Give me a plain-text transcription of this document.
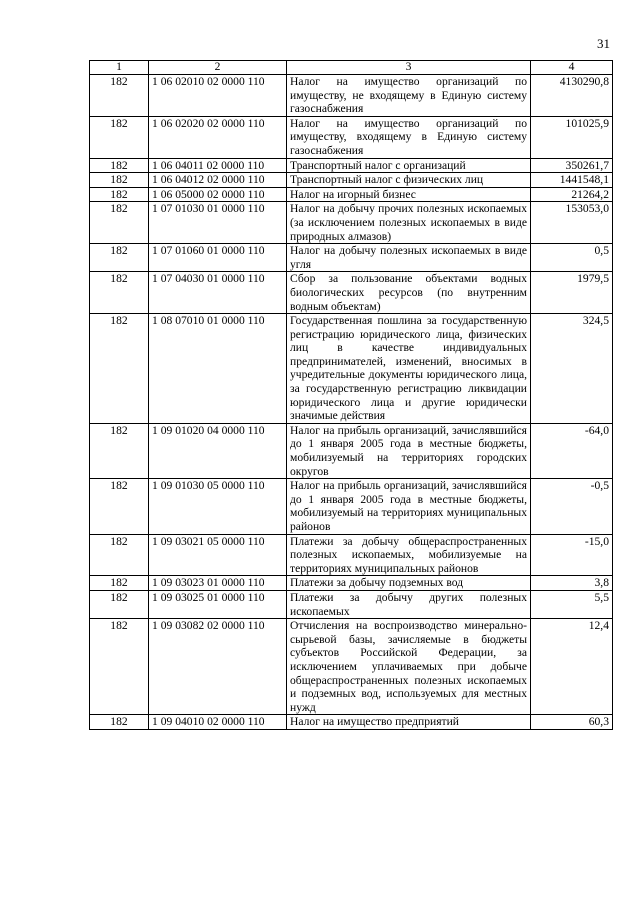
31
1	2	3	4
182	1 06 02010 02 0000 110	Налог на имущество организаций по имуществу, не входящему в Единую систему газоснабжения	4130290,8
182	1 06 02020 02 0000 110	Налог на имущество организаций по имуществу, входящему в Единую систему газоснабжения	101025,9
182	1 06 04011 02 0000 110	Транспортный налог с организаций	350261,7
182	1 06 04012 02 0000 110	Транспортный налог с физических лиц	1441548,1
182	1 06 05000 02 0000 110	Налог на игорный бизнес	21264,2
182	1 07 01030 01 0000 110	Налог на добычу прочих полезных ископаемых (за исключением полезных ископаемых в виде природных алмазов)	153053,0
182	1 07 01060 01 0000 110	Налог на добычу полезных ископаемых в виде угля	0,5
182	1 07 04030 01 0000 110	Сбор за пользование объектами водных биологических ресурсов (по внутренним водным объектам)	1979,5
182	1 08 07010 01 0000 110	Государственная пошлина за государственную регистрацию юридического лица, физических лиц в качестве индивидуальных предпринимателей, изменений, вносимых в учредительные документы юридического лица, за государственную регистрацию ликвидации юридического лица и другие юридически значимые действия	324,5
182	1 09 01020 04 0000 110	Налог на прибыль организаций, зачислявшийся до 1 января 2005 года в местные бюджеты, мобилизуемый на территориях городских округов	-64,0
182	1 09 01030 05 0000 110	Налог на прибыль организаций, зачислявшийся до 1 января 2005 года в местные бюджеты, мобилизуемый на территориях муниципальных районов	-0,5
182	1 09 03021 05 0000 110	Платежи за добычу общераспространенных полезных ископаемых, мобилизуемые на территориях муниципальных районов	-15,0
182	1 09 03023 01 0000 110	Платежи за добычу подземных вод	3,8
182	1 09 03025 01 0000 110	Платежи за добычу других полезных ископаемых	5,5
182	1 09 03082 02 0000 110	Отчисления на воспроизводство минерально-сырьевой базы, зачисляемые в бюджеты субъектов Российской Федерации, за исключением уплачиваемых при добыче общераспространенных полезных ископаемых и подземных вод, используемых для местных нужд	12,4
182	1 09 04010 02 0000 110	Налог на имущество предприятий	60,3
